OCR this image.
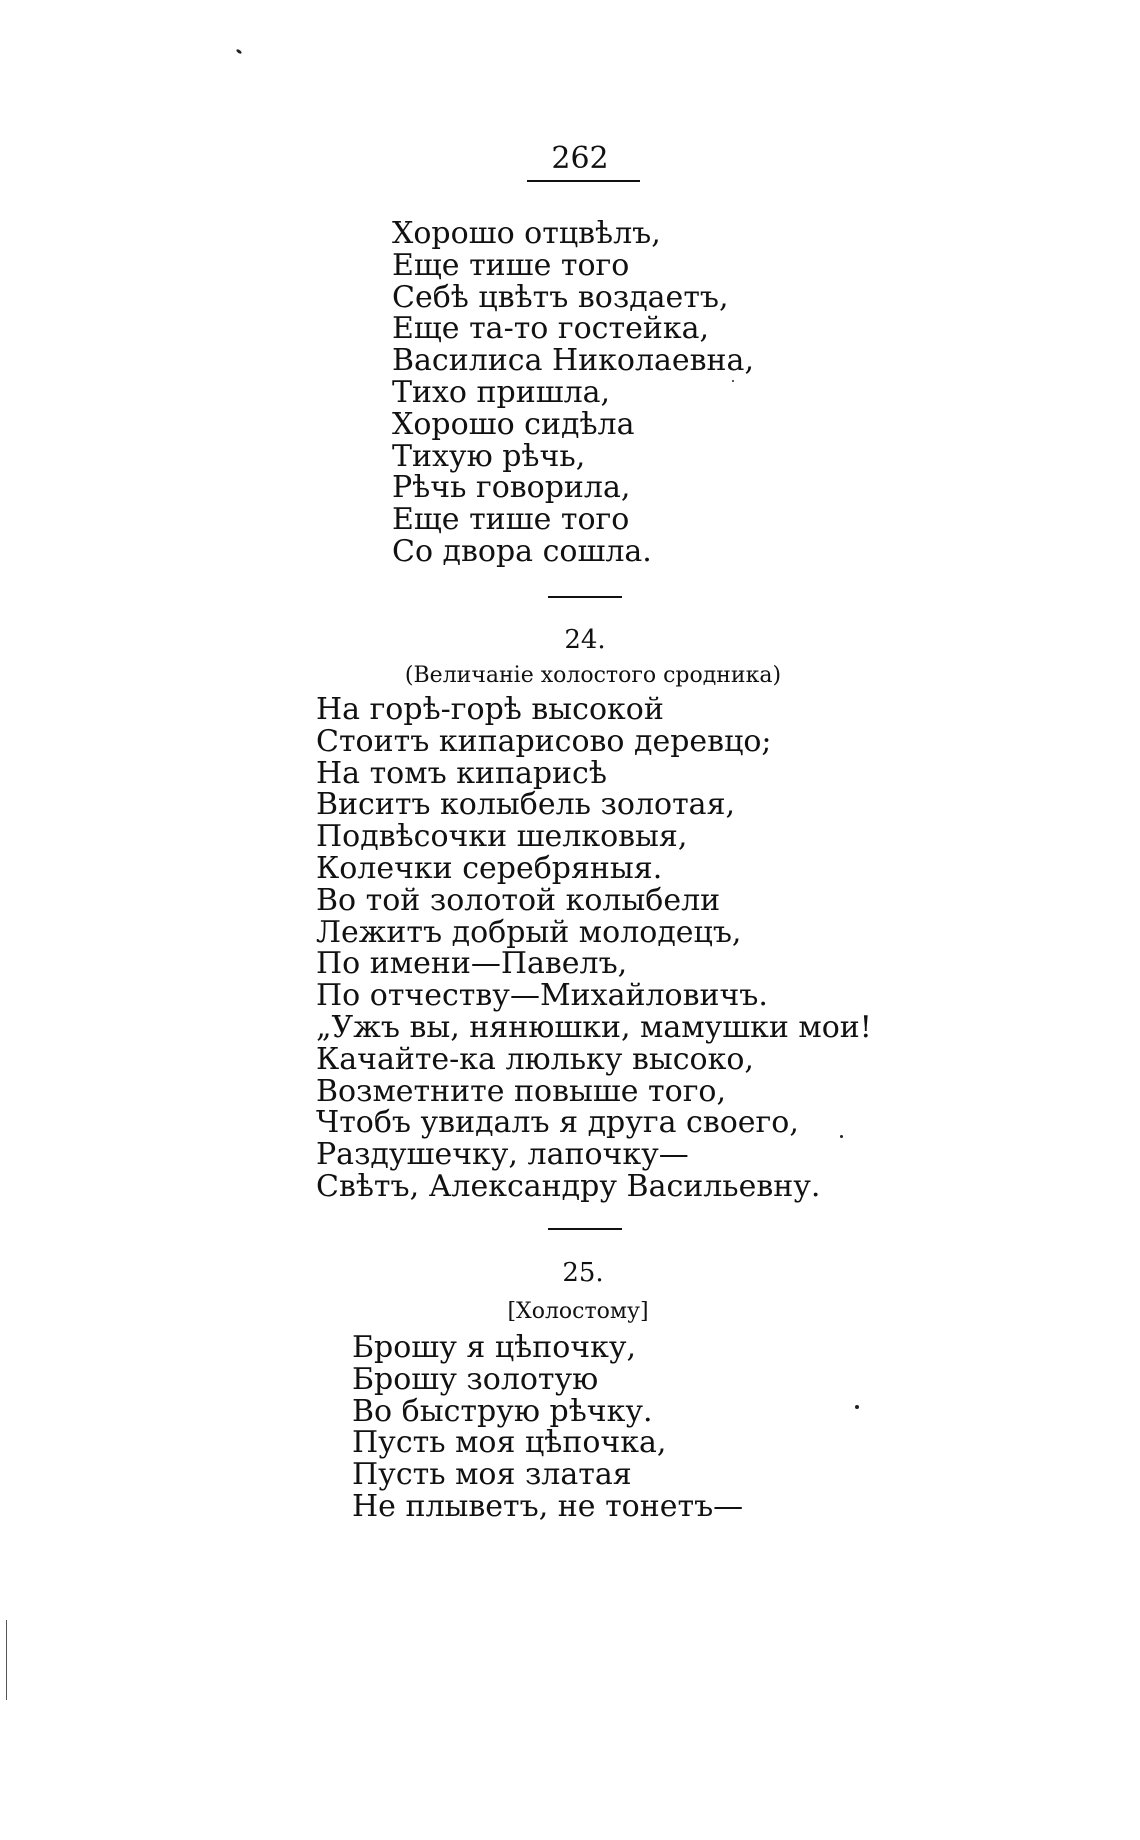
262
Хорошо отцвѣлъ,
Еще тише того
Себѣ цвѣтъ воздаетъ,
Еще та-то гостейка,
Василиса Николаевна,
Тихо пришла,
Хорошо сидѣла
Тихую рѣчь,
Рѣчь говорила,
Еще тише того
Со двора сошла.
24.
(Величаніе холостого сродника)
На горѣ-горѣ высокой
Стоитъ кипарисово деревцо;
На томъ кипарисѣ
Виситъ колыбель золотая,
Подвѣсочки шелковыя,
Колечки серебряныя.
Во той золотой колыбели
Лежитъ добрый молодецъ,
По имени—Павелъ,
По отчеству—Михайловичъ.
„Ужъ вы, нянюшки, мамушки мои!
Качайте-ка люльку высоко,
Возметните повыше того,
Чтобъ увидалъ я друга своего,
Раздушечку, лапочку—
Свѣтъ, Александру Васильевну.
25.
[Холостому]
Брошу я цѣпочку,
Брошу золотую
Во быструю рѣчку.
Пусть моя цѣпочка,
Пусть моя златая
Не плыветъ, не тонетъ—
